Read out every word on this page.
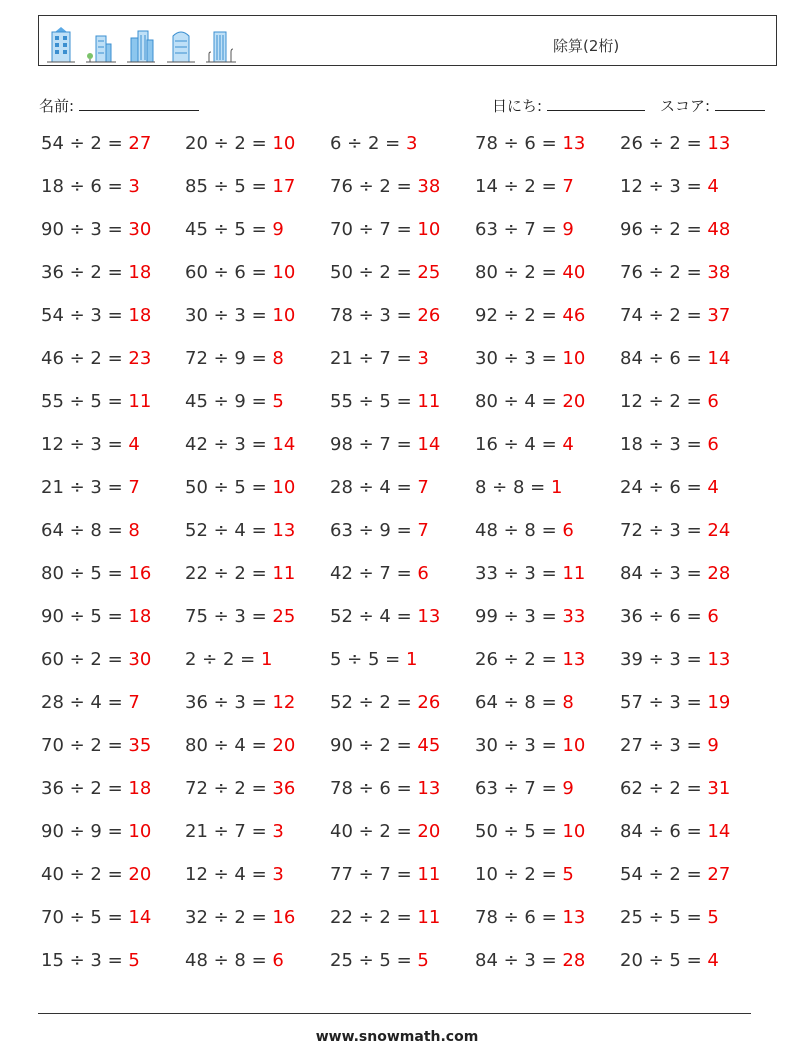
除算(2桁)
名前:	日にち:	スコア:
54 ÷ 2 = 27 20 ÷ 2 = 10 6 ÷ 2 = 3	78 ÷ 6 = 13 26 ÷ 2 = 13
18 ÷ 6 = 3	85 ÷ 5 = 17 76 ÷ 2 = 38 14 ÷ 2 = 7	12 ÷ 3 = 4
90 ÷ 3 = 30 45 ÷ 5 = 9	70 ÷ 7 = 10 63 ÷ 7 = 9	96 ÷ 2 = 48
36 ÷ 2 = 18 60 ÷ 6 = 10 50 ÷ 2 = 25 80 ÷ 2 = 40 76 ÷ 2 = 38
54 ÷ 3 = 18 30 ÷ 3 = 10 78 ÷ 3 = 26 92 ÷ 2 = 46 74 ÷ 2 = 37
46 ÷ 2 = 23 72 ÷ 9 = 8	21 ÷ 7 = 3	30 ÷ 3 = 10 84 ÷ 6 = 14
55 ÷ 5 = 11 45 ÷ 9 = 5	55 ÷ 5 = 11 80 ÷ 4 = 20 12 ÷ 2 = 6
12 ÷ 3 = 4	42 ÷ 3 = 14 98 ÷ 7 = 14 16 ÷ 4 = 4	18 ÷ 3 = 6
21 ÷ 3 = 7	50 ÷ 5 = 10 28 ÷ 4 = 7	8 ÷ 8 = 1	24 ÷ 6 = 4
64 ÷ 8 = 8	52 ÷ 4 = 13 63 ÷ 9 = 7	48 ÷ 8 = 6	72 ÷ 3 = 24
80 ÷ 5 = 16 22 ÷ 2 = 11 42 ÷ 7 = 6	33 ÷ 3 = 11 84 ÷ 3 = 28
90 ÷ 5 = 18 75 ÷ 3 = 25 52 ÷ 4 = 13 99 ÷ 3 = 33 36 ÷ 6 = 6
60 ÷ 2 = 30 2 ÷ 2 = 1	5 ÷ 5 = 1	26 ÷ 2 = 13 39 ÷ 3 = 13
28 ÷ 4 = 7	36 ÷ 3 = 12 52 ÷ 2 = 26 64 ÷ 8 = 8	57 ÷ 3 = 19
70 ÷ 2 = 35 80 ÷ 4 = 20 90 ÷ 2 = 45 30 ÷ 3 = 10 27 ÷ 3 = 9
36 ÷ 2 = 18 72 ÷ 2 = 36 78 ÷ 6 = 13 63 ÷ 7 = 9	62 ÷ 2 = 31
90 ÷ 9 = 10 21 ÷ 7 = 3	40 ÷ 2 = 20 50 ÷ 5 = 10 84 ÷ 6 = 14
40 ÷ 2 = 20 12 ÷ 4 = 3	77 ÷ 7 = 11 10 ÷ 2 = 5	54 ÷ 2 = 27
70 ÷ 5 = 14 32 ÷ 2 = 16 22 ÷ 2 = 11 78 ÷ 6 = 13 25 ÷ 5 = 5
15 ÷ 3 = 5	48 ÷ 8 = 6	25 ÷ 5 = 5	84 ÷ 3 = 28 20 ÷ 5 = 4
www.snowmath.com
